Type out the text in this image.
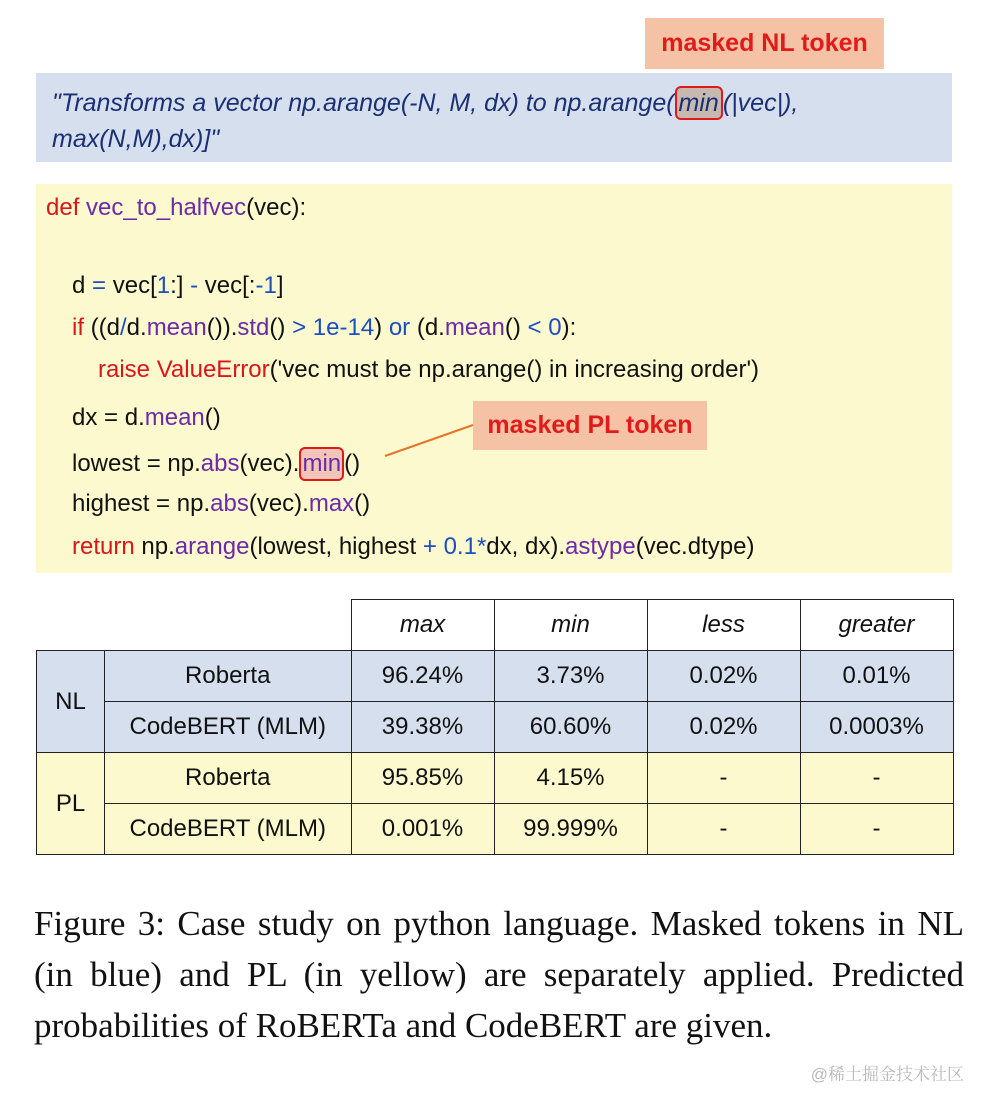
masked NL token
"Transforms a vector np.arange(-N, M, dx) to np.arange( min (|vec|),
max(N,M),dx)]"
def vec_to_halfvec(vec):
d = vec[1:] - vec[:-1]
if ((d/d.mean()).std() > 1e-14) or (d.mean() < 0):
raise ValueError('vec must be np.arange() in increasing order')
dx = d.mean()
lowest = np.abs(vec). min ()
highest = np.abs(vec).max()
return np.arange(lowest, highest + 0.1*dx, dx).astype(vec.dtype)
masked PL token
		max	min	less	greater
NL	Roberta	96.24%	3.73%	0.02%	0.01%
	CodeBERT (MLM)	39.38%	60.60%	0.02%	0.0003%
PL	Roberta	95.85%	4.15%	-	-
	CodeBERT (MLM)	0.001%	99.999%	-	-
Figure 3: Case study on python language. Masked tokens in NL (in blue) and PL (in yellow) are separately applied. Predicted probabilities of RoBERTa and CodeBERT are given.
@稀土掘金技术社区
